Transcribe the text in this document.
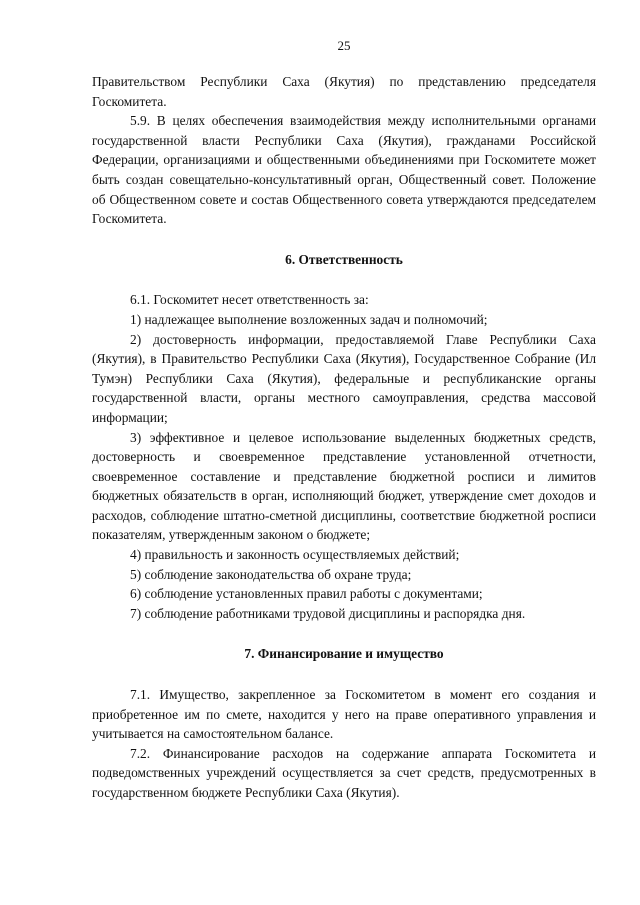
25

Правительством Республики Саха (Якутия) по представлению председателя Госкомитета.

5.9. В целях обеспечения взаимодействия между исполнительными органами государственной власти Республики Саха (Якутия), гражданами Российской Федерации, организациями и общественными объединениями при Госкомитете может быть создан совещательно-консультативный орган, Общественный совет. Положение об Общественном совете и состав Общественного совета утверждаются председателем Госкомитета.

6. Ответственность

6.1. Госкомитет несет ответственность за:

1) надлежащее выполнение возложенных задач и полномочий;

2) достоверность информации, предоставляемой Главе Республики Саха (Якутия), в Правительство Республики Саха (Якутия), Государственное Собрание (Ил Тумэн) Республики Саха (Якутия), федеральные и республиканские органы государственной власти, органы местного самоуправления, средства массовой информации;

3) эффективное и целевое использование выделенных бюджетных средств, достоверность и своевременное представление установленной отчетности, своевременное составление и представление бюджетной росписи и лимитов бюджетных обязательств в орган, исполняющий бюджет, утверждение смет доходов и расходов, соблюдение штатно-сметной дисциплины, соответствие бюджетной росписи показателям, утвержденным законом о бюджете;

4) правильность и законность осуществляемых действий;

5) соблюдение законодательства об охране труда;

6) соблюдение установленных правил работы с документами;

7) соблюдение работниками трудовой дисциплины и распорядка дня.

7. Финансирование и имущество

7.1. Имущество, закрепленное за Госкомитетом в момент его создания и приобретенное им по смете, находится у него на праве оперативного управления и учитывается на самостоятельном балансе.

7.2. Финансирование расходов на содержание аппарата Госкомитета и подведомственных учреждений осуществляется за счет средств, предусмотренных в государственном бюджете Республики Саха (Якутия).
